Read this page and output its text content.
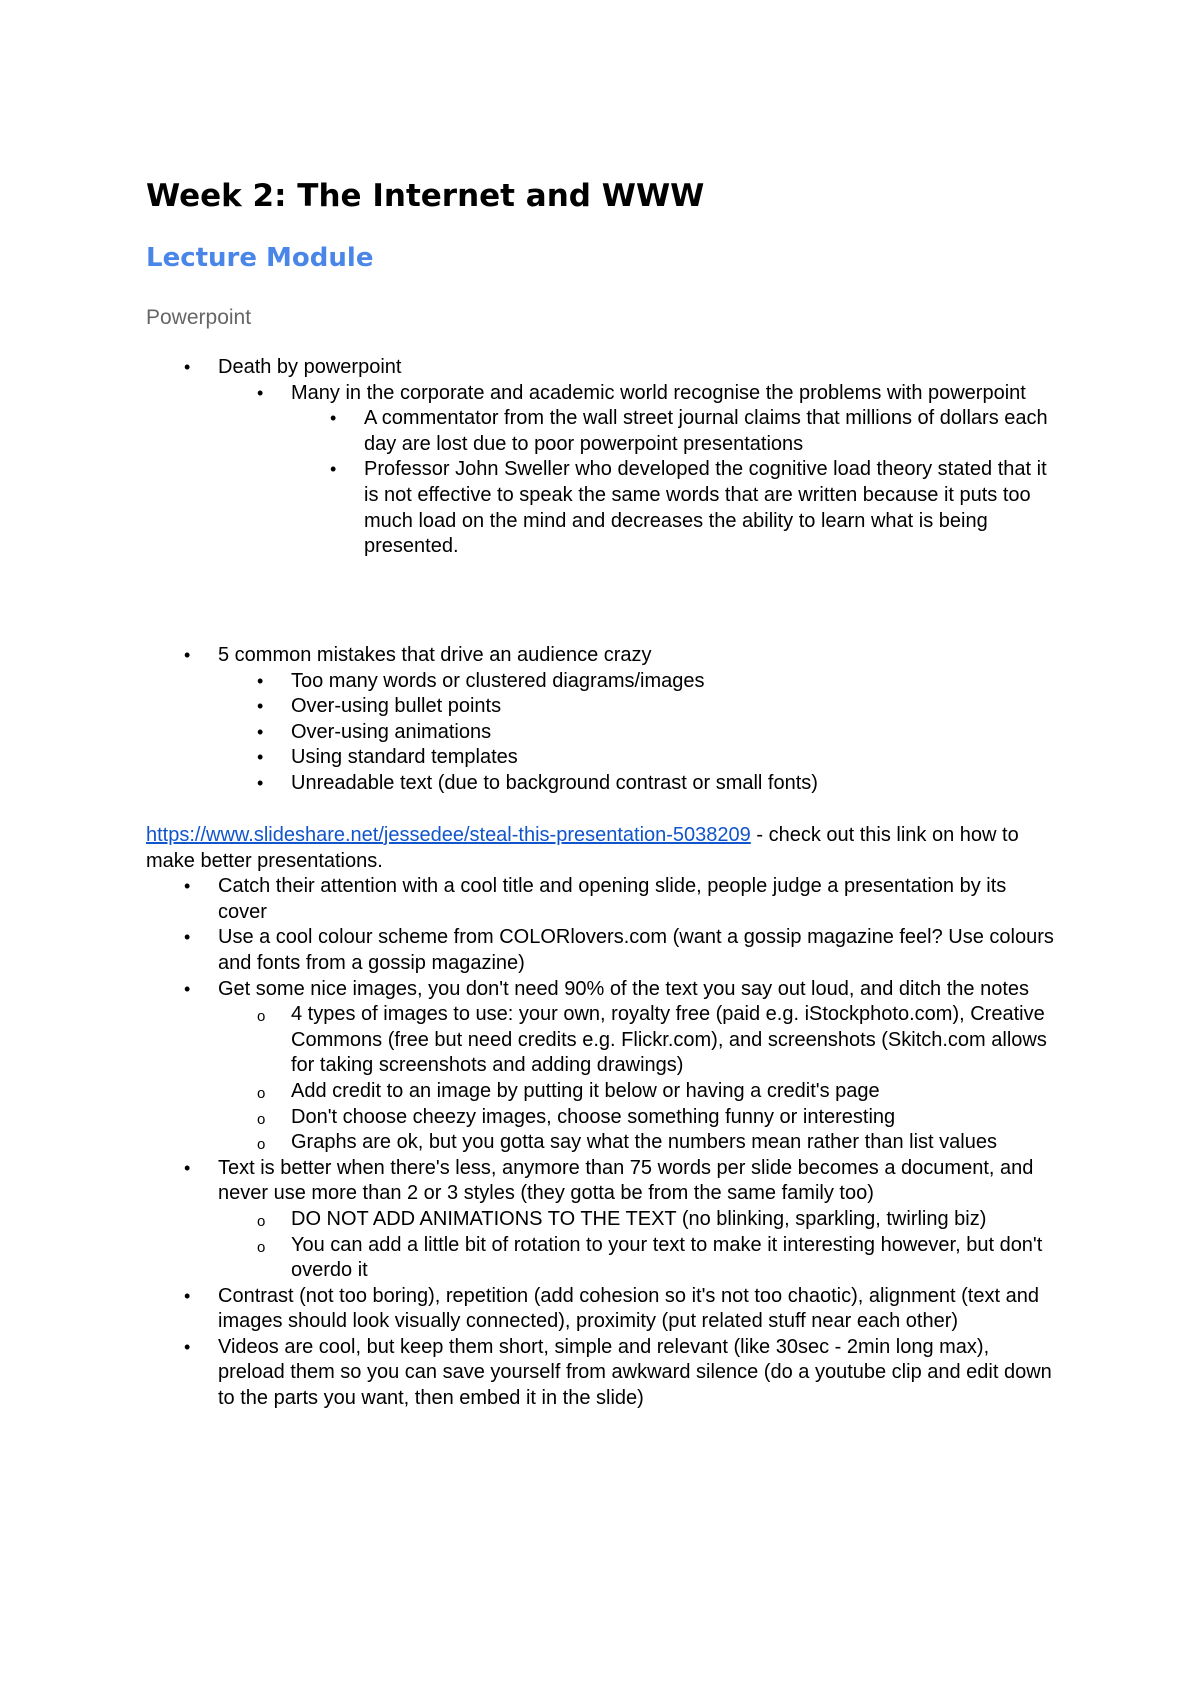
Week 2: The Internet and WWW
Lecture Module
Powerpoint
• Death by powerpoint
• Many in the corporate and academic world recognise the problems with powerpoint
• A commentator from the wall street journal claims that millions of dollars each day are lost due to poor powerpoint presentations
• Professor John Sweller who developed the cognitive load theory stated that it is not effective to speak the same words that are written because it puts too much load on the mind and decreases the ability to learn what is being presented.
• 5 common mistakes that drive an audience crazy
• Too many words or clustered diagrams/images
• Over-using bullet points
• Over-using animations
• Using standard templates
• Unreadable text (due to background contrast or small fonts)

https://www.slideshare.net/jessedee/steal-this-presentation-5038209 - check out this link on how to make better presentations.

• Catch their attention with a cool title and opening slide, people judge a presentation by its cover
• Use a cool colour scheme from COLORlovers.com (want a gossip magazine feel? Use colours and fonts from a gossip magazine)
• Get some nice images, you don't need 90% of the text you say out loud, and ditch the notes
o 4 types of images to use: your own, royalty free (paid e.g. iStockphoto.com), Creative Commons (free but need credits e.g. Flickr.com), and screenshots (Skitch.com allows for taking screenshots and adding drawings)
o Add credit to an image by putting it below or having a credit's page
o Don't choose cheezy images, choose something funny or interesting
o Graphs are ok, but you gotta say what the numbers mean rather than list values
• Text is better when there's less, anymore than 75 words per slide becomes a document, and never use more than 2 or 3 styles (they gotta be from the same family too)
o DO NOT ADD ANIMATIONS TO THE TEXT (no blinking, sparkling, twirling biz)
o You can add a little bit of rotation to your text to make it interesting however, but don't overdo it
• Contrast (not too boring), repetition (add cohesion so it's not too chaotic), alignment (text and images should look visually connected), proximity (put related stuff near each other)
• Videos are cool, but keep them short, simple and relevant (like 30sec - 2min long max), preload them so you can save yourself from awkward silence (do a youtube clip and edit down to the parts you want, then embed it in the slide)
